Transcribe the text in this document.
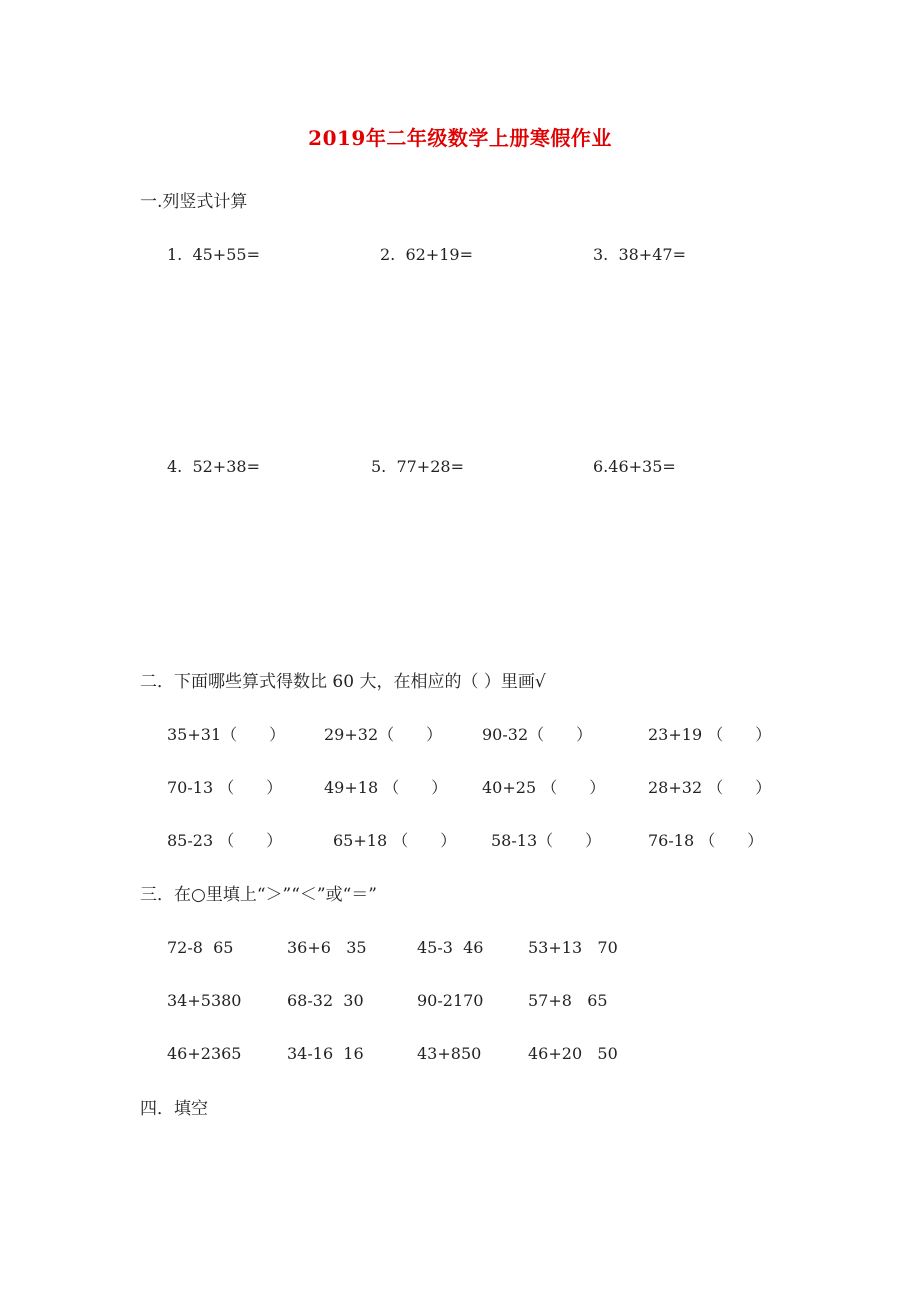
2019年二年级数学上册寒假作业
一.列竖式计算
1. 45+55=	2. 62+19=	3. 38+47=
4. 52+38=	5. 77+28=	6.46+35=
二．下面哪些算式得数比 60 大，在相应的（ ）里画√
35+31（　　） 29+32（　　） 90-32（　　）	23+19 （　　）
70-13 （　　）	49+18 （　　） 40+25 （　　）	28+32 （　　）
85-23 （　　）	65+18 （　　） 58-13（　　）	76-18 （　　）
三．在○里填上“＞”“＜”或“＝”
72-8  65	36+6   35	45-3  46	53+13   70
34+5380	68-32  30	90-2170	57+8   65
46+2365	34-16  16	43+850	46+20   50
四．填空
